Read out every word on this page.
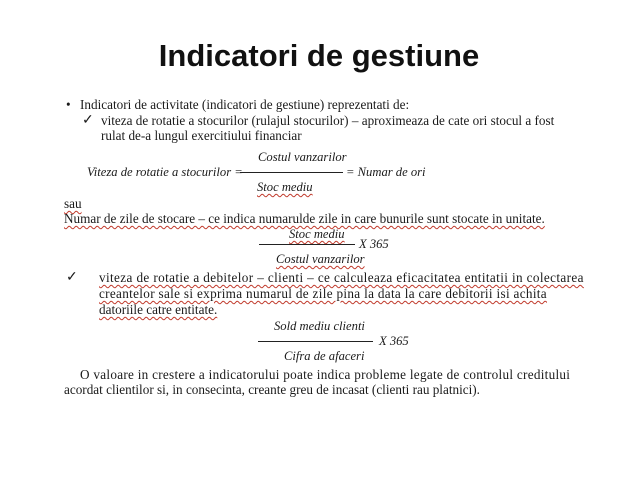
Indicatori de gestiune
• Indicatori de activitate (indicatori de gestiune) reprezentati de:
✓ viteza de rotatie a stocurilor (rulajul stocurilor) – aproximeaza de cate ori stocul a fost
rulat de-a lungul exercitiului financiar
Costul vanzarilor
Viteza de rotatie a stocurilor =	= Numar de ori
Stoc mediu
sau
Numar de zile de stocare – ce indica numarulde zile in care bunurile sunt stocate in unitate.
Stoc mediu
X 365
Costul vanzarilor
✓ viteza de rotatie a debitelor – clienti – ce calculeaza eficacitatea entitatii in colectarea
creantelor sale si exprima numarul de zile pina la data la care debitorii isi achita
datoriile catre entitate.
Sold mediu clienti
X 365
Cifra de afaceri
O valoare in crestere a indicatorului poate indica probleme legate de controlul creditului
acordat clientilor si, in consecinta, creante greu de incasat (clienti rau platnici).
